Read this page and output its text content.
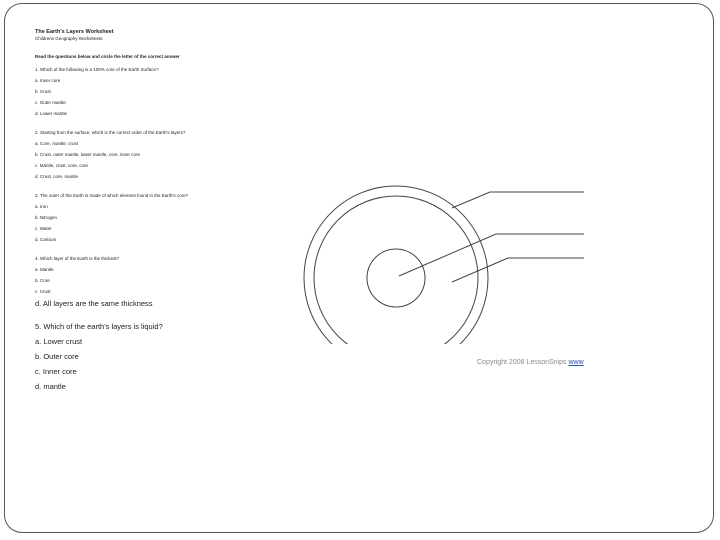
The Earth's Layers Worksheet
Childrens Geography Worksheets
Read the questions below and circle the letter of the correct answer
1. Which of the following is a 100% core of the Earth Surface?
a. Inner core
b. Crust
c. Outer mantle
d. Lower mantle
2. Starting from the surface, which is the correct order of the Earth's layers?
a. Core, mantle, crust
b. Crust, outer mantle, lower mantle, core, inner core
c. Mantle, crust, core, core
d. Crust, core, mantle
3. The outer of the Earth is made of which element found in the Earth's core?
a. Iron
b. Nitrogen
c. Water
d. Calcium
4. Which layer of the Earth is the thickest?
a. Mantle
b. Core
c. Crust
d. All layers are the same thickness
5. Which of the earth's layers is liquid?
a. Lower crust
b. Outer core
c. Inner core
d. mantle
Copyright 2008 LessonSnips www
